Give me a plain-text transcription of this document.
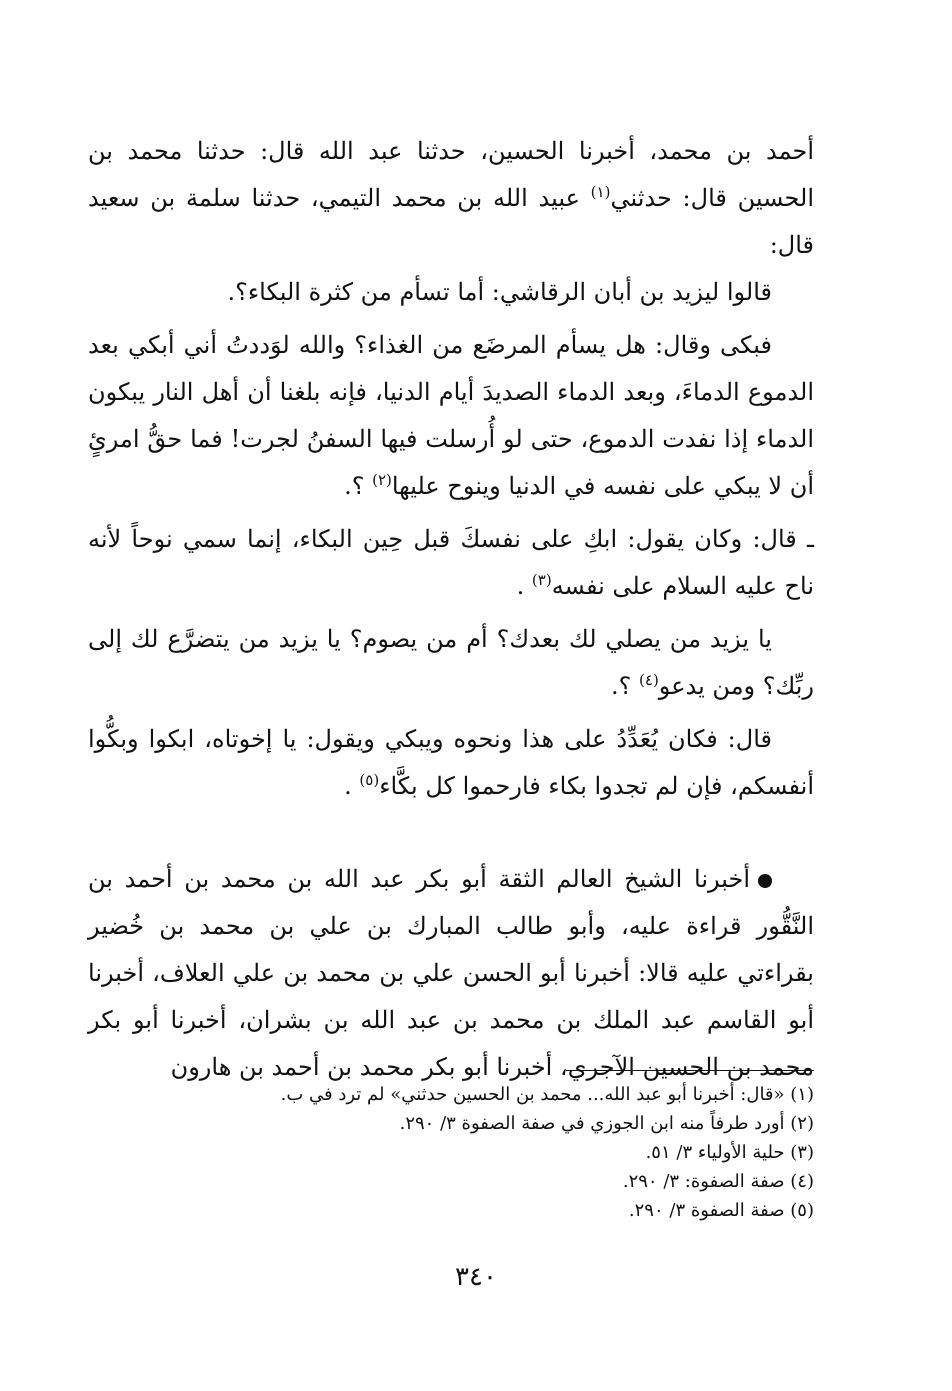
أحمد بن محمد، أخبرنا الحسين، حدثنا عبد الله قال: حدثنا محمد بن الحسين قال: حدثني$^{(١)}$ عبيد الله بن محمد التيمي، حدثنا سلمة بن سعيد قال:

قالوا ليزيد بن أبان الرقاشي: أما تسأم من كثرة البكاء؟.

فبكى وقال: هل يسأم المرضَع من الغذاء؟ والله لوَددتُ أني أبكي بعد الدموع الدماءَ، وبعد الدماء الصديدَ أيام الدنيا، فإنه بلغنا أن أهل النار يبكون الدماء إذا نفدت الدموع، حتى لو أُرسلت فيها السفنُ لجرت! فما حقُّ امرئٍ أن لا يبكي على نفسه في الدنيا وينوح عليها$^{(٢)}$ ؟.

ـ قال: وكان يقول: ابكِ على نفسكَ قبل حِين البكاء، إنما سمي نوحاً لأنه ناح عليه السلام على نفسه$^{(٣)}$ .

يا يزيد من يصلي لك بعدك؟ أم من يصوم؟ يا يزيد من يتضرَّع لك إلى ربِّك؟ ومن يدعو$^{(٤)}$ ؟.

قال: فكان يُعَدِّدُ على هذا ونحوه ويبكي ويقول: يا إخوتاه، ابكوا وبكُّوا أنفسكم، فإن لم تجدوا بكاء فارحموا كل بكَّاء$^{(٥)}$ .

أخبرنا الشيخ العالم الثقة أبو بكر عبد الله بن محمد بن أحمد بن النَّقُّور قراءة عليه، وأبو طالب المبارك بن علي بن محمد بن خُضير بقراءتي عليه قالا: أخبرنا أبو الحسن علي بن محمد بن علي العلاف، أخبرنا أبو القاسم عبد الملك بن محمد بن عبد الله بن بشران، أخبرنا أبو بكر محمد بن الحسين الآجري، أخبرنا أبو بكر محمد بن أحمد بن هارون

(١) «قال: أخبرنا أبو عبد الله... محمد بن الحسين حدثني» لم ترد في ب.

(٢) أورد طرفاً منه ابن الجوزي في صفة الصفوة ٣/ ٢٩٠.

(٣) حلية الأولياء ٣/ ٥١.

(٤) صفة الصفوة: ٣/ ٢٩٠.

(٥) صفة الصفوة ٣/ ٢٩٠.

٣٤٠
